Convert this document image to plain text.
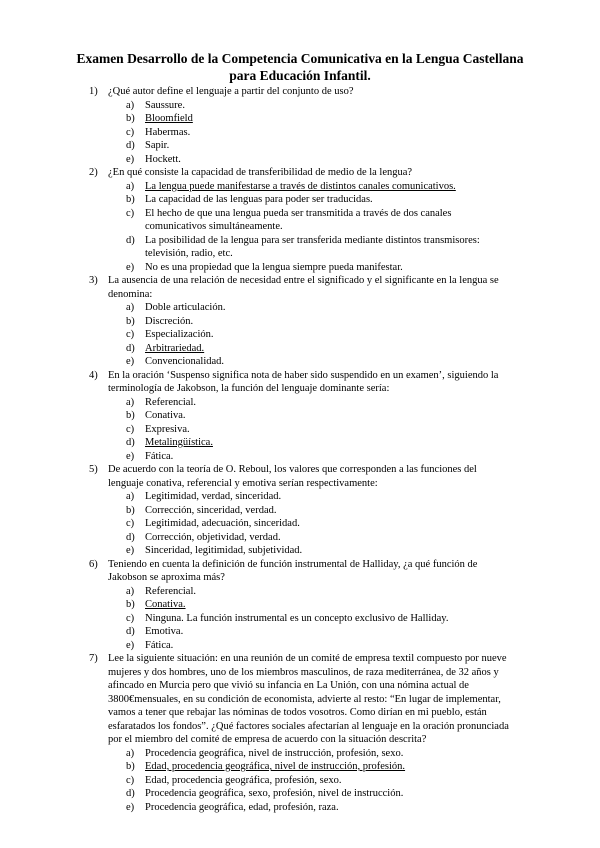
Examen Desarrollo de la Competencia Comunicativa en la Lengua Castellana
para Educación Infantil.
1) ¿Qué autor define el lenguaje a partir del conjunto de uso?
a) Saussure.
b) Bloomfield
c) Habermas.
d) Sapir.
e) Hockett.
2) ¿En qué consiste la capacidad de transferibilidad de medio de la lengua?
a) La lengua puede manifestarse a través de distintos canales comunicativos.
b) La capacidad de las lenguas para poder ser traducidas.
c) El hecho de que una lengua pueda ser transmitida a través de dos canales comunicativos simultáneamente.
d) La posibilidad de la lengua para ser transferida mediante distintos transmisores: televisión, radio, etc.
e) No es una propiedad que la lengua siempre pueda manifestar.
3) La ausencia de una relación de necesidad entre el significado y el significante en la lengua se denomina:
a) Doble articulación.
b) Discreción.
c) Especialización.
d) Arbitrariedad.
e) Convencionalidad.
4) En la oración ‘Suspenso significa nota de haber sido suspendido en un examen’, siguiendo la terminología de Jakobson, la función del lenguaje dominante sería:
a) Referencial.
b) Conativa.
c) Expresiva.
d) Metalingüística.
e) Fática.
5) De acuerdo con la teoría de O. Reboul, los valores que corresponden a las funciones del lenguaje conativa, referencial y emotiva serían respectivamente:
a) Legitimidad, verdad, sinceridad.
b) Corrección, sinceridad, verdad.
c) Legitimidad, adecuación, sinceridad.
d) Corrección, objetividad, verdad.
e) Sinceridad, legitimidad, subjetividad.
6) Teniendo en cuenta la definición de función instrumental de Halliday, ¿a qué función de Jakobson se aproxima más?
a) Referencial.
b) Conativa.
c) Ninguna. La función instrumental es un concepto exclusivo de Halliday.
d) Emotiva.
e) Fática.
7) Lee la siguiente situación: en una reunión de un comité de empresa textil compuesto por nueve mujeres y dos hombres, uno de los miembros masculinos, de raza mediterránea, de 32 años y afincado en Murcia pero que vivió su infancia en La Unión, con una nómina actual de 3800€mensuales, en su condición de economista, advierte al resto: “En lugar de implementar, vamos a tener que rebajar las nóminas de todos vosotros. Como dirían en mi pueblo, están esfaratados los fondos”. ¿Qué factores sociales afectarían al lenguaje en la oración pronunciada por el miembro del comité de empresa de acuerdo con la situación descrita?
a) Procedencia geográfica, nivel de instrucción, profesión, sexo.
b) Edad, procedencia geográfica, nivel de instrucción, profesión.
c) Edad, procedencia geográfica, profesión, sexo.
d) Procedencia geográfica, sexo, profesión, nivel de instrucción.
e) Procedencia geográfica, edad, profesión, raza.
